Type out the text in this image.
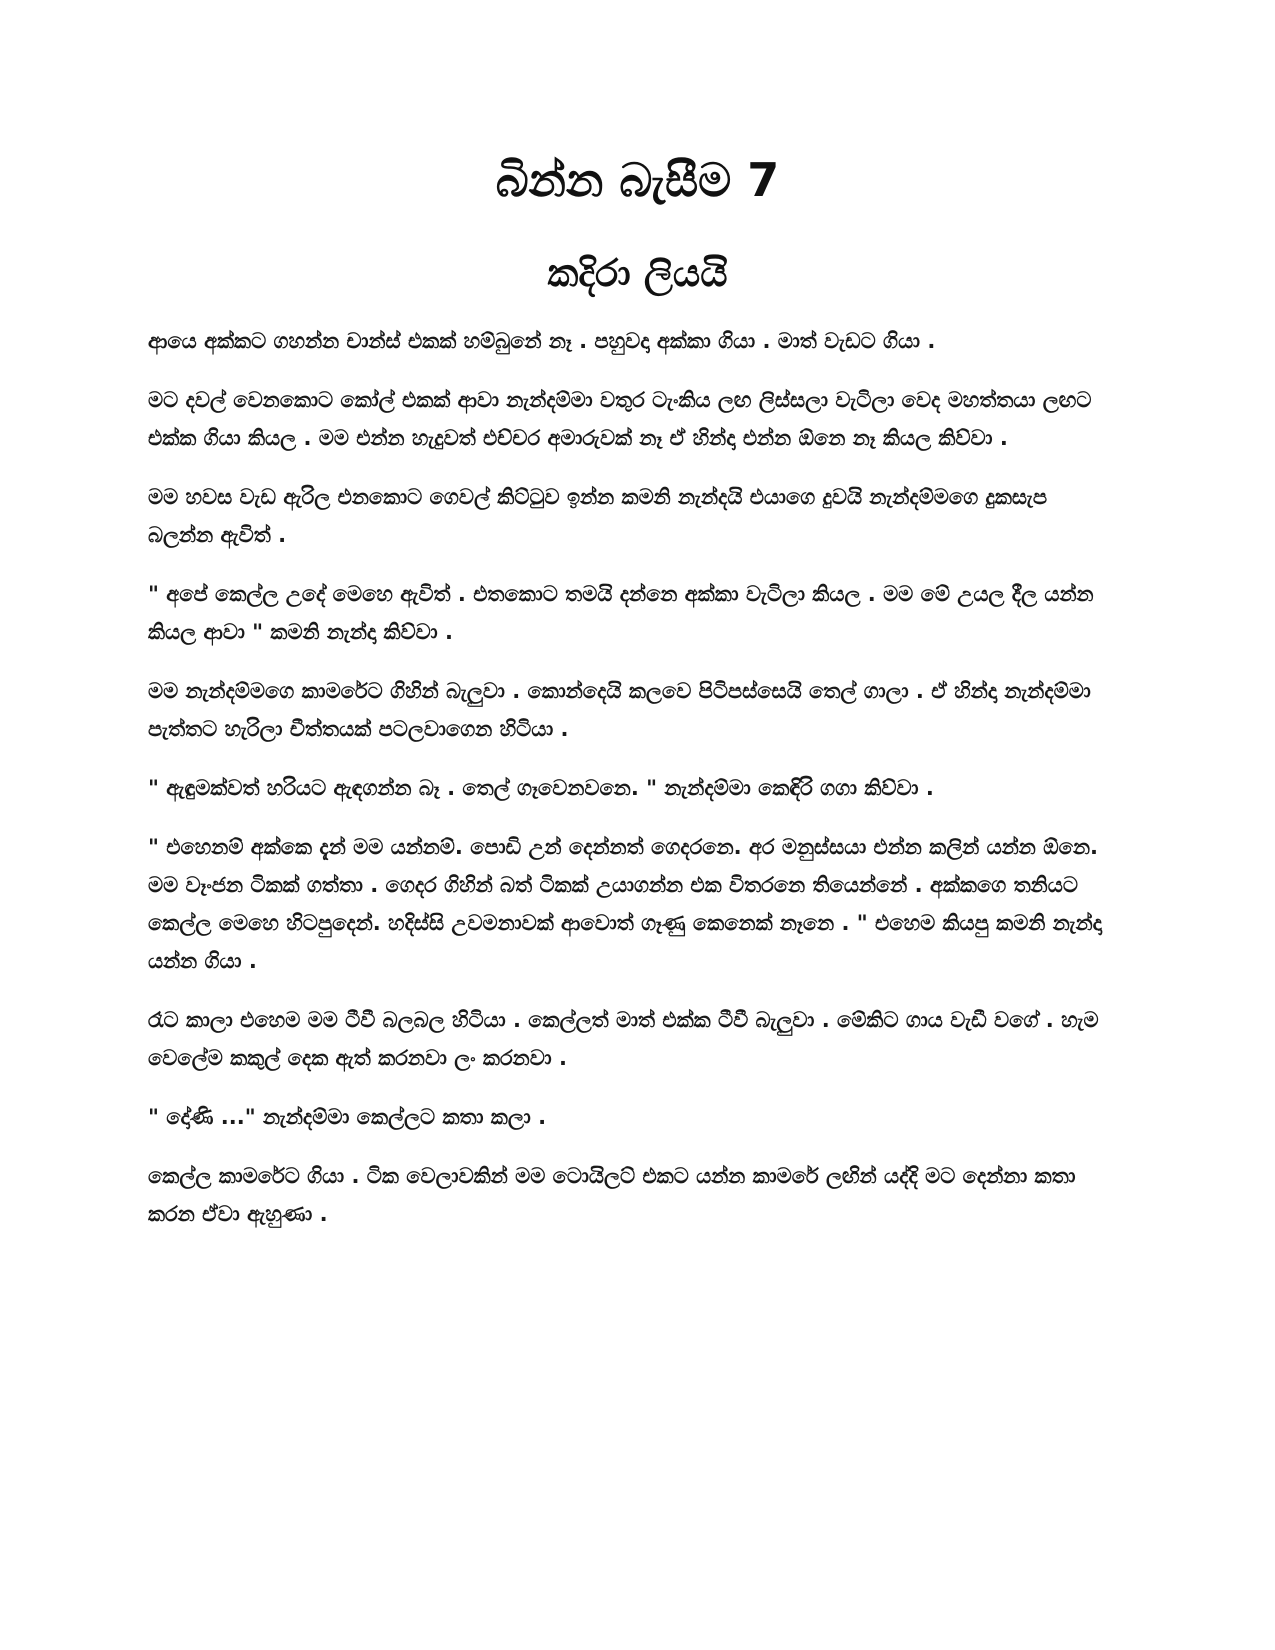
බින්න බැසීම 7
කදිරා ලියයි

ආයෙ අක්කට ගහන්න චාන්ස් එකක් හම්බුනේ නෑ . පහුවදා අක්කා ගියා . මාත් වැඩට ගියා .

මට දවල් වෙනකොට කෝල් එකක් ආවා නැන්දම්මා වතුර ටැංකිය ලඟ ලිස්සලා වැටිලා වෙද මහත්තයා ලඟට එක්ක ගියා කියල . මම එන්න හැදුවත් එච්චර අමාරුවක් නෑ ඒ හින්දා එන්න ඕනෙ නෑ කියල කිව්වා .

මම හවස වැඩ ඇරිල එනකොට ගෙවල් කිට්ටුව ඉන්න කමනි නැන්දයි එයාගෙ දුවයි නැන්දම්මගෙ දුකසැප බලන්න ඇවිත් .

" අපේ කෙල්ල උදේ මෙහෙ ඇවිත් . එතකොට තමයි දන්නෙ අක්කා වැටිලා කියල . මම මේ උයල දීල යන්න කියල ආවා " කමනි නැන්දා කිව්වා .

මම නැන්දම්මගෙ කාමරේට ගිහින් බැලුවා . කොන්දෙයි කලවෙ පිටිපස්සෙයි තෙල් ගාලා . ඒ හින්දා නැන්දම්මා පැත්තට හැරිලා චීත්තයක් පටලවාගෙන හිටියා .

" ඇඳුමක්වත් හරියට ඇඳගන්න බෑ . තෙල් ගෑවෙනවනෙ. " නැන්දම්මා කෙඳිරි ගගා කිව්වා .

" එහෙනම් අක්කෙ දැන් මම යන්නම්. පොඩි උන් දෙන්නත් ගෙදරනෙ. අර මනුස්සයා එන්න කලින් යන්න ඕනෙ. මම වෑංජන ටිකක් ගත්තා . ගෙදර ගිහින් බත් ටිකක් උයාගන්න එක විතරනෙ තියෙන්නේ . අක්කගෙ තනියට කෙල්ල මෙහෙ හිටපුදෙන්. හදිස්සි උවමනාවක් ආවොත් ගෑණු කෙනෙක් නෑනෙ . " එහෙම කියපු කමනි නැන්දා යන්න ගියා .

රෑට කාලා එහෙම මම ටීවී බලබල හිටියා . කෙල්ලත් මාත් එක්ක ටීවී බැලුවා . මේකිට ගාය වැඩී වගේ . හැම වෙලේම කකුල් දෙක ඇත් කරනවා ලං කරනවා .

" දෝණි ..." නැන්දම්මා කෙල්ලට කතා කලා .

කෙල්ල කාමරේට ගියා . ටික වෙලාවකින් මම ටොයිලට් එකට යන්න කාමරේ ලඟින් යද්දි මට දෙන්නා කතා කරන ඒවා ඇහුණා .
